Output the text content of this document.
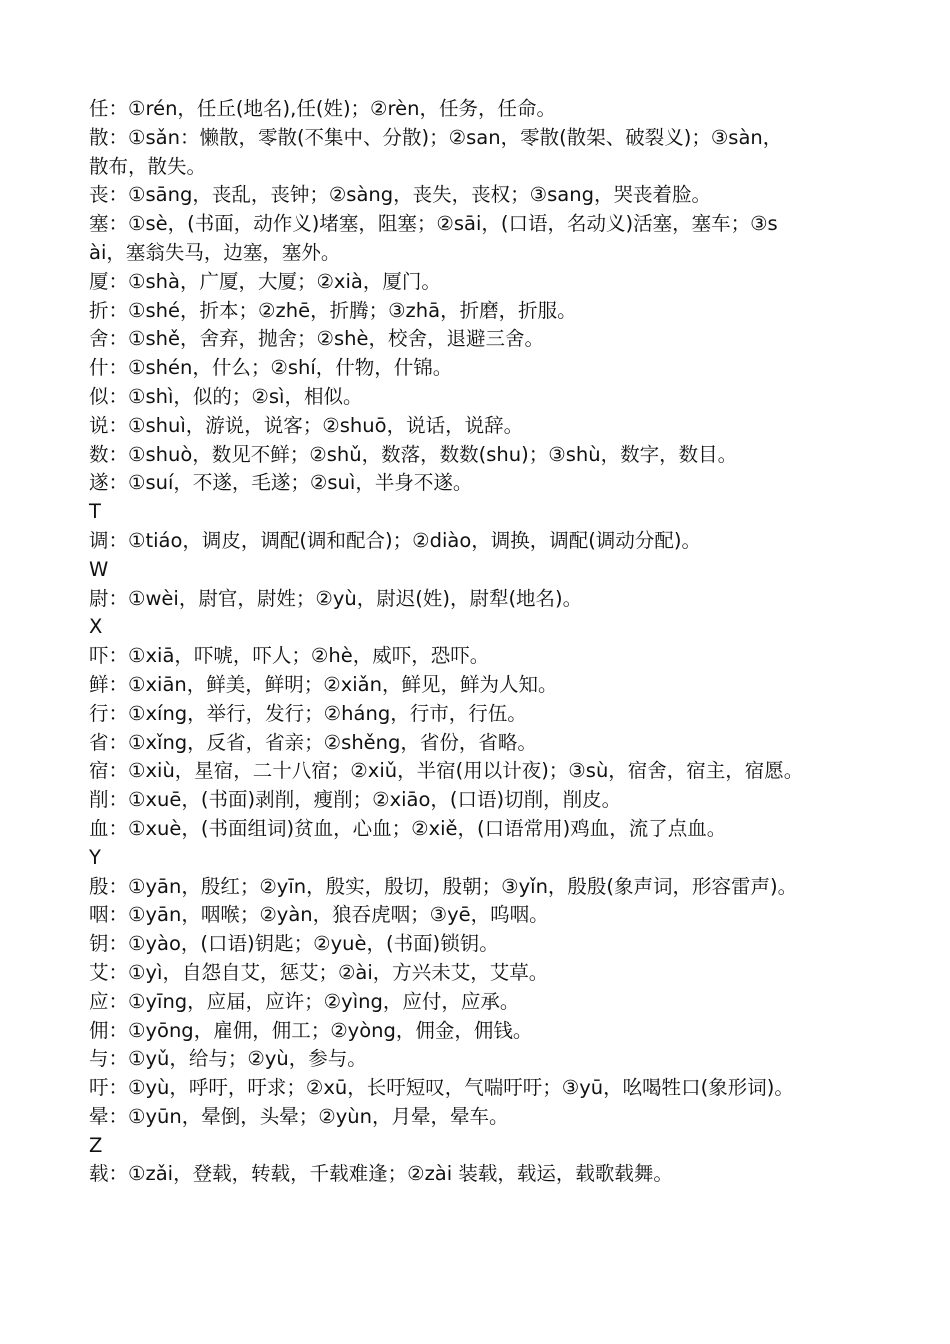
任：①rén，任丘(地名),任(姓)；②rèn，任务，任命。
散：①sǎn：懒散，零散(不集中、分散)；②san，零散(散架、破裂义)；③sàn，
散布，散失。
丧：①sāng，丧乱，丧钟；②sàng，丧失，丧权；③sang，哭丧着脸。
塞：①sè，(书面，动作义)堵塞，阻塞；②sāi，(口语，名动义)活塞，塞车；③s
ài，塞翁失马，边塞，塞外。
厦：①shà，广厦，大厦；②xià，厦门。
折：①shé，折本；②zhē，折腾；③zhā，折磨，折服。
舍：①shě，舍弃，抛舍；②shè，校舍，退避三舍。
什：①shén，什么；②shí，什物，什锦。
似：①shì，似的；②sì，相似。
说：①shuì，游说，说客；②shuō，说话，说辞。
数：①shuò，数见不鲜；②shǔ，数落，数数(shu)；③shù，数字，数目。
遂：①suí，不遂，毛遂；②suì，半身不遂。
T
调：①tiáo，调皮，调配(调和配合)；②diào，调换，调配(调动分配)。
W
尉：①wèi，尉官，尉姓；②yù，尉迟(姓)，尉犁(地名)。
X
吓：①xiā，吓唬，吓人；②hè，威吓，恐吓。
鲜：①xiān，鲜美，鲜明；②xiǎn，鲜见，鲜为人知。
行：①xíng，举行，发行；②háng，行市，行伍。
省：①xǐng，反省，省亲；②shěng，省份，省略。
宿：①xiù，星宿，二十八宿；②xiǔ，半宿(用以计夜)；③sù，宿舍，宿主，宿愿。
削：①xuē，(书面)剥削，瘦削；②xiāo，(口语)切削，削皮。
血：①xuè，(书面组词)贫血，心血；②xiě，(口语常用)鸡血，流了点血。
Y
殷：①yān，殷红；②yīn，殷实，殷切，殷朝；③yǐn，殷殷(象声词，形容雷声)。
咽：①yān，咽喉；②yàn，狼吞虎咽；③yē，呜咽。
钥：①yào，(口语)钥匙；②yuè，(书面)锁钥。
艾：①yì，自怨自艾，惩艾；②ài，方兴未艾，艾草。
应：①yīng，应届，应许；②yìng，应付，应承。
佣：①yōng，雇佣，佣工；②yòng，佣金，佣钱。
与：①yǔ，给与；②yù，参与。
吁：①yù，呼吁，吁求；②xū，长吁短叹，气喘吁吁；③yū，吆喝牲口(象形词)。
晕：①yūn，晕倒，头晕；②yùn，月晕，晕车。
Z
载：①zǎi，登载，转载，千载难逢；②zài 装载，载运，载歌载舞。
